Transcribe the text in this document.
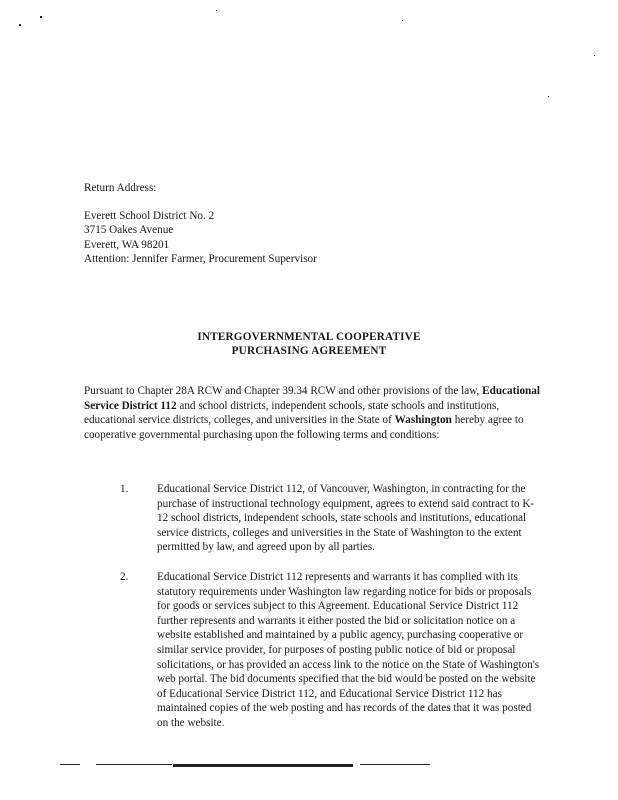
Return Address:

Everett School District No. 2

3715 Oakes Avenue

Everett, WA 98201

Attention: Jennifer Farmer, Procurement Supervisor

INTERGOVERNMENTAL COOPERATIVE
PURCHASING AGREEMENT
Pursuant to Chapter 28A RCW and Chapter 39.34 RCW and other provisions of the law, Educational Service District 112 and school districts, independent schools, state schools and institutions, educational service districts, colleges, and universities in the State of Washington hereby agree to cooperative governmental purchasing upon the following terms and conditions:
1.	Educational Service District 112, of Vancouver, Washington, in contracting for the purchase of instructional technology equipment, agrees to extend said contract to K-12 school districts, independent schools, state schools and institutions, educational service districts, colleges and universities in the State of Washington to the extent permitted by law, and agreed upon by all parties.
2.	Educational Service District 112 represents and warrants it has complied with its statutory requirements under Washington law regarding notice for bids or proposals for goods or services subject to this Agreement. Educational Service District 112 further represents and warrants it either posted the bid or solicitation notice on a website established and maintained by a public agency, purchasing cooperative or similar service provider, for purposes of posting public notice of bid or proposal solicitations, or has provided an access link to the notice on the State of Washington's web portal. The bid documents specified that the bid would be posted on the website of Educational Service District 112, and Educational Service District 112 has maintained copies of the web posting and has records of the dates that it was posted on the website.
